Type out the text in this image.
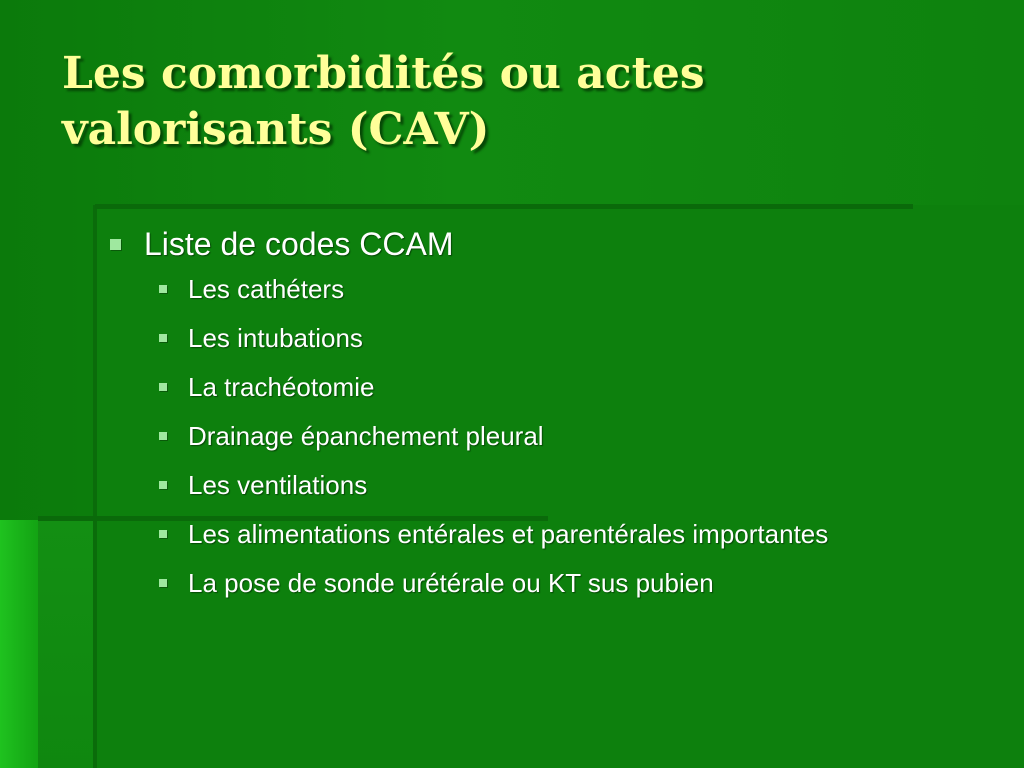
Les comorbidités ou actes
valorisants (CAV)
Liste de codes CCAM
Les cathéters
Les intubations
La trachéotomie
Drainage épanchement pleural
Les ventilations
Les alimentations entérales et parentérales importantes
La pose de sonde urétérale ou KT sus pubien
